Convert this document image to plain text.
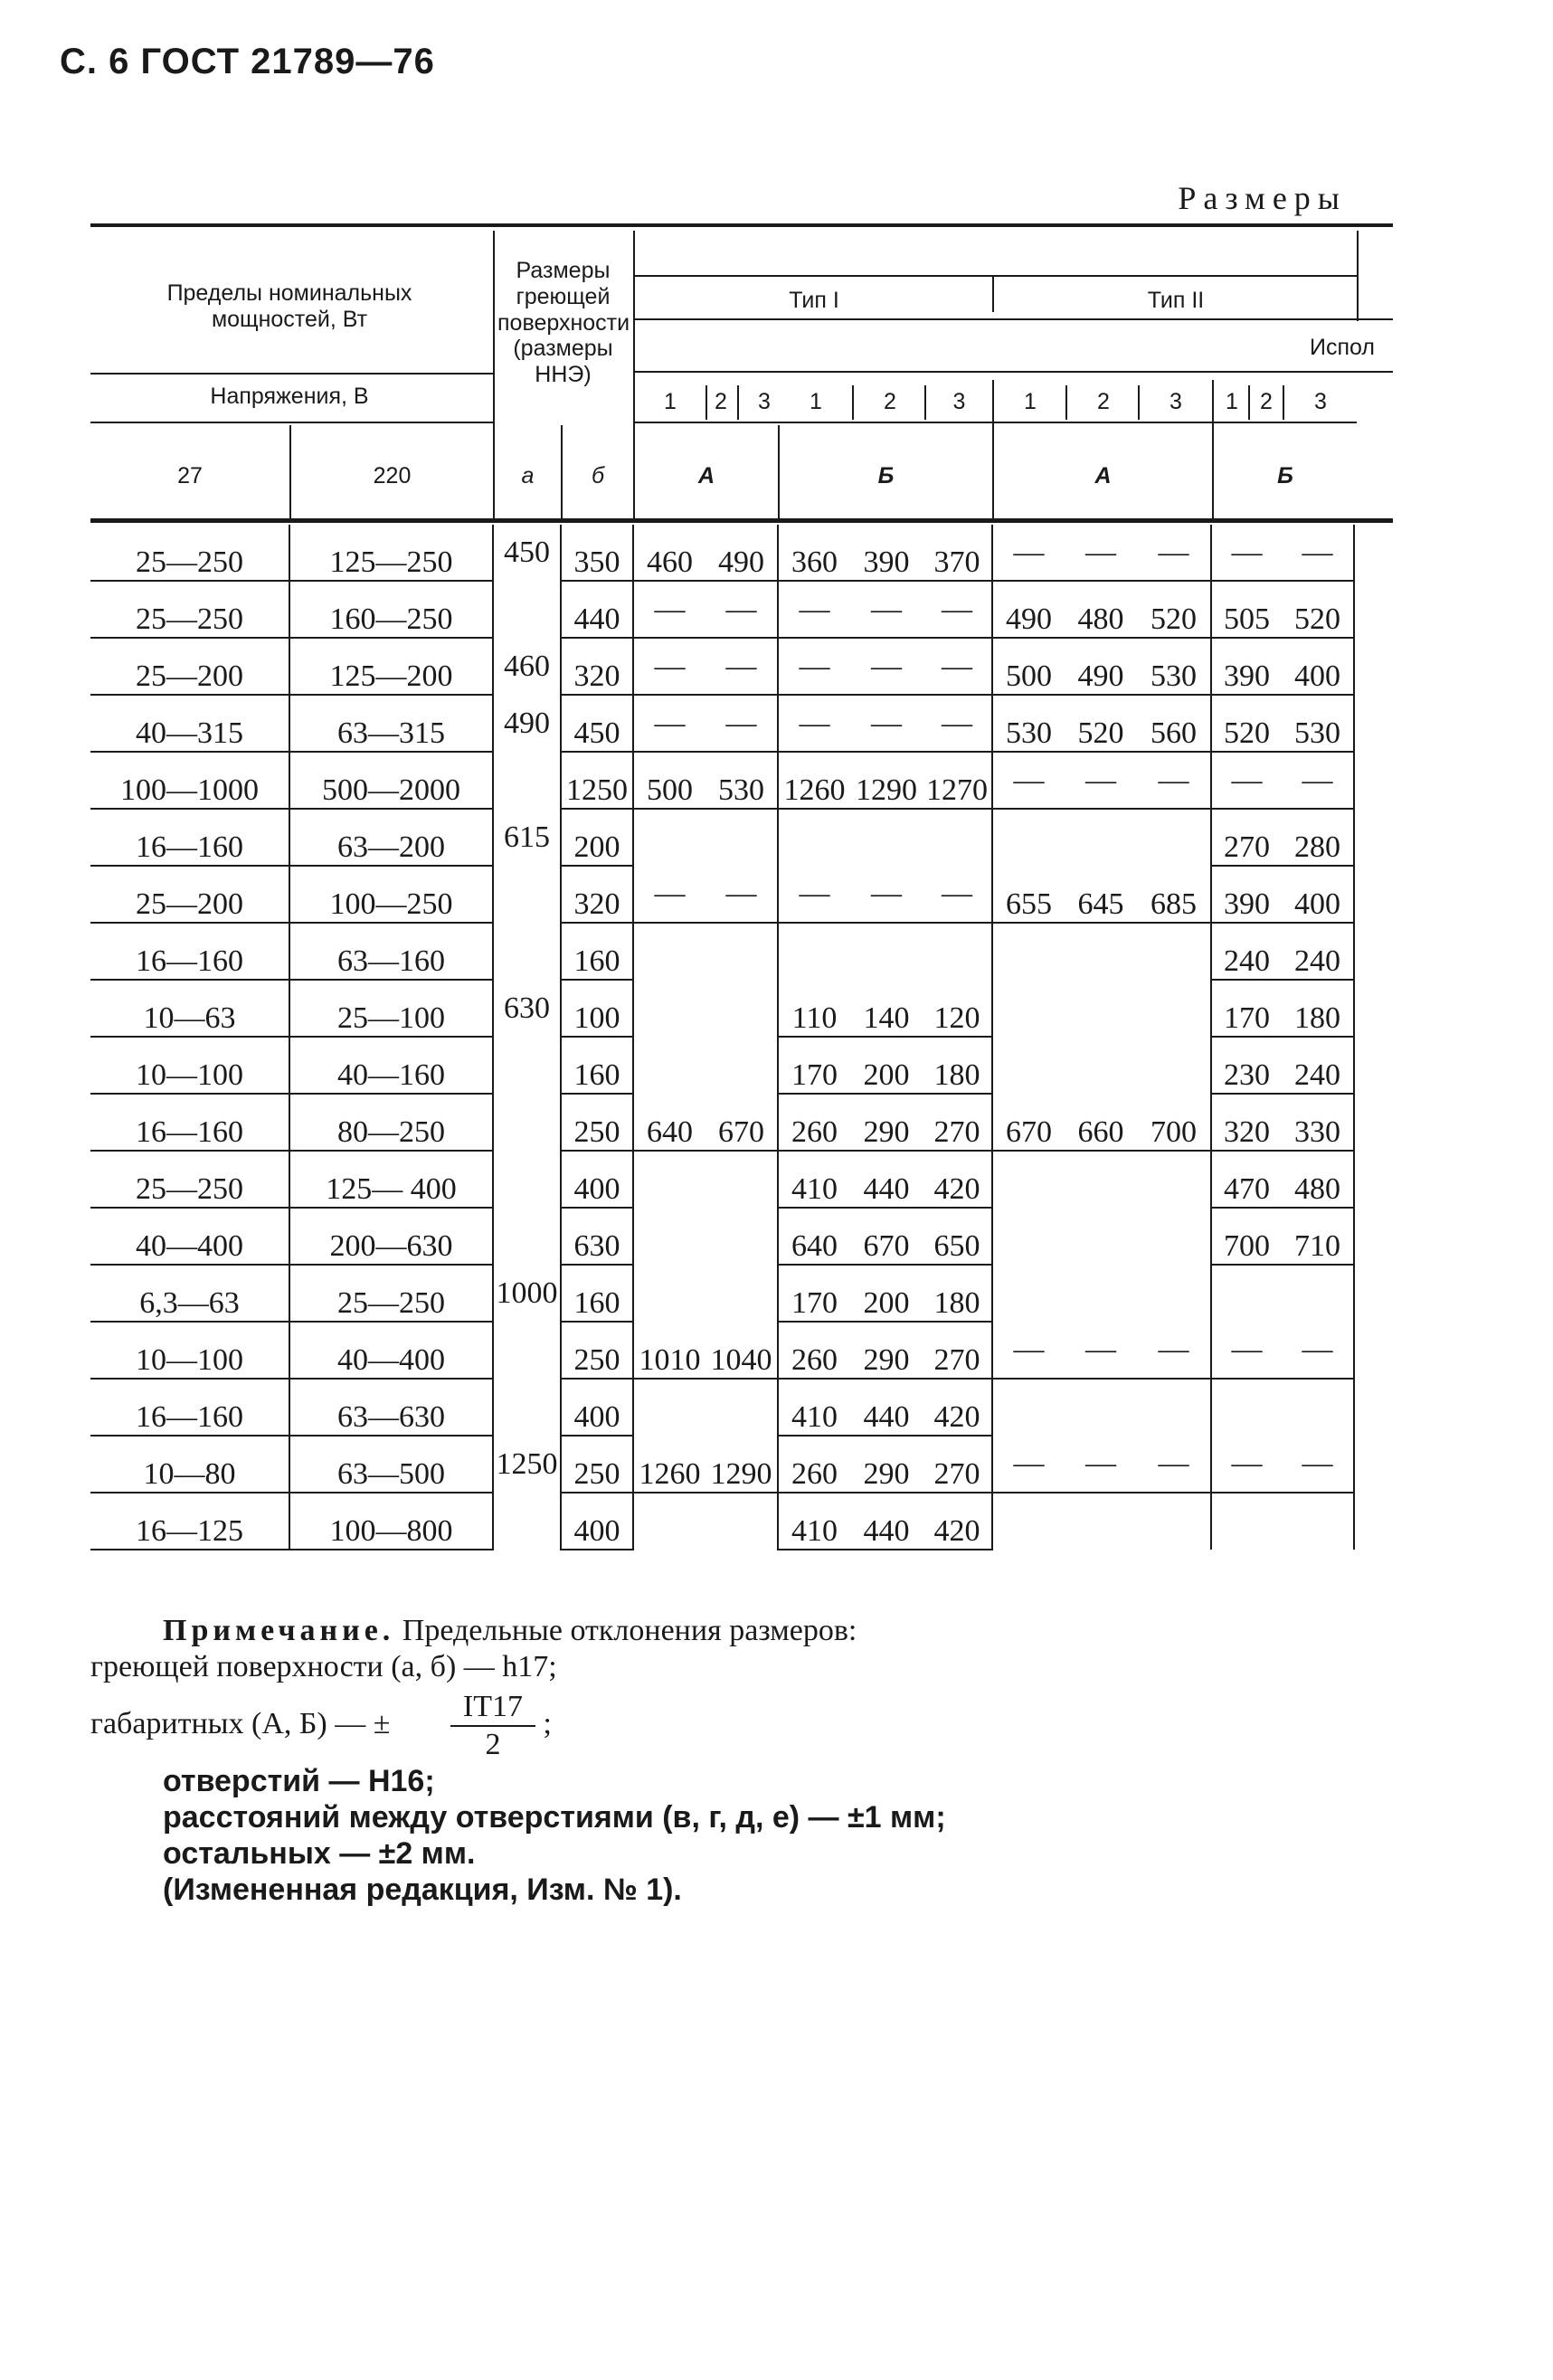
С. 6 ГОСТ 21789—76
Размеры
Пределы номинальных мощностей, Вт
Размеры греющей поверхности (размеры ННЭ)
Тип I	Тип II
Испол
Напряжения, В
27	220	а	б	А	Б	А	Б
1	2	3	1	2	3	1	2	3	1 2	3
25—250	125—250	450	350	460	490	360	390	370	—	—	—	—	—
25—250	160—250		440	—	—	—	—	—	490	480	520	505	520
25—200	125—200	460	320	—	—	—	—	—	500	490	530	390	400
40—315	63—315	490	450	—	—	—	—	—	530	520	560	520	530
100—1000	500—2000		1250	500	530	1260	1290	1270	—	—	—	—	—
16—160	63—200	615	200									270	280
25—200	100—250		320	—	—	—	—	—	655	645	685	390	400
16—160	63—160		160									240	240
10—63	25—100	630	100			110	140	120				170	180
10—100	40—160		160			170	200	180				230	240
16—160	80—250		250	640	670	260	290	270	670	660	700	320	330
25—250	125— 400		400			410	440	420				470	480
40—400	200—630		630			640	670	650				700	710
6,3—63	25—250	1000	160			170	200	180					
10—100	40—400		250	1010	1040	260	290	270	—	—	—	—	—
16—160	63—630		400			410	440	420					
10—80	63—500	1250	250	1260	1290	260	290	270	—	—	—	—	—
16—125	100—800		400			410	440	420					
Примечание. Предельные отклонения размеров:
греющей поверхности (а, б) — h17;
габаритных (А, Б) — ± $\frac{IT17}{2}$ ;
отверстий — H16;
расстояний между отверстиями (в, г, д, е) — ±1 мм;
остальных — ±2 мм.
(Измененная редакция, Изм. № 1).
